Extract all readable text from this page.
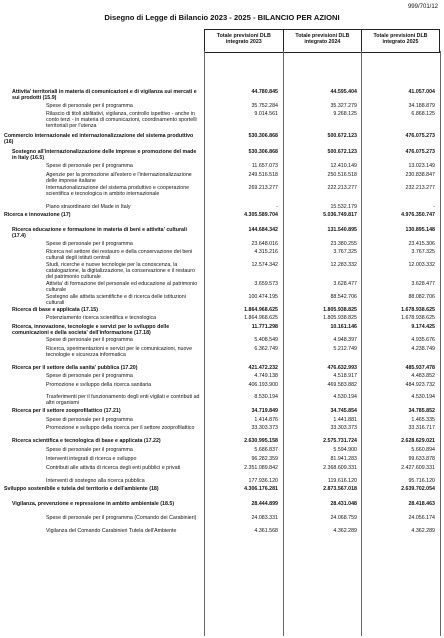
999/701/12
Disegno di Legge di Bilancio 2023 - 2025 - BILANCIO PER AZIONI
Totale previsioni DLB integrato 2023
Totale previsioni DLB integrato 2024
Totale previsioni DLB integrato 2025
Attivita' territoriali in materia di comunicazioni e di vigilanza sui mercati e sui prodotti (15.9)
44.780.845	44.595.404	41.057.004
Spese di personale per il programma	35.752.284	35.327.279	34.188.879
Rilascio di titoli abilitativi, vigilanza, controllo ispettivo - anche in conto terzi - in materia di comunicazioni, coordinamento sportelli territoriali per l'utenza
9.014.561	9.268.125	6.868.125
Commercio internazionale ed internazionalizzazione del sistema produttivo (16)
530.306.868	500.672.123	476.075.273
Sostegno all'internazionalizzazione delle imprese e promozione del made in Italy (16.5)
530.306.868	500.672.123	476.075.273
Spese di personale per il programma	11.657.073	12.410.149	13.023.149
Agenzie per la promozione all'estero e l'internazionalizzazione delle imprese italiane
249.516.518	250.516.518	230.838.847
Internazionalizzazione del sistema produttivo e cooperazione scientifica e tecnologica in ambito internazionale
269.213.277	222.213.277	232.213.277
Piano straordinario del Made in Italy	-	15.532.179	-
Ricerca e innovazione (17)	4.305.589.704	5.036.749.817	4.976.350.747
Ricerca educazione e formazione in materia di beni e attivita' culturali (17.4)
144.684.342	131.540.895	130.895.148
Spese di personale per il programma	23.648.016	23.380.255	23.415.306
Ricerca nel settore dei restauro e della conservazione dei beni culturali degli istituti centrali
4.315.216	3.767.325	3.767.325
Studi, ricerche e nuove tecnologie per la conoscenza, la catalogazione, la digitalizzazione, la conservazione e il restauro del patrimonio culturale
12.574.342	12.283.332	12.003.332
Attivita' di formazione del personale ed educazione al patrimonio culturale
3.659.573	3.628.477	3.628.477
Sostegno alle attivita scientifiche e di ricerca delle istituzioni culturali
100.474.195	88.542.706	88.082.706
Ricerca di base e applicata (17.15)	1.864.968.625	1.805.938.825	1.678.938.625
Potenziamento ricerca scientifica e tecnologica	1.864.968.625	1.805.938.825	1.678.938.625
Ricerca, innovazione, tecnologie e servizi per lo sviluppo delle comunicazioni e della societa' dell'informazione (17.18)
11.771.298	10.161.146	9.174.425
Spese di personale per il programma	5.408.549	4.948.397	4.935.676
Ricerca, sperimentazioni e servizi per le comunicazioni, nuove tecnologie e sicurezza informatica
6.362.749	5.212.749	4.238.749
Ricerca per il settore della sanita' pubblica (17.20)	421.472.232	476.632.993	485.937.478
Spese di personale per il programma	4.749.138	4.518.917	4.483.852
Promozione e sviluppo della ricerca sanitaria	406.193.900	469.583.882	484.923.732
Trasferimenti per il funzionamento degli enti vigilati e contributi ad altri organismi
8.530.194	4.530.194	4.530.194
Ricerca per il settore zooprofilattico (17.21)	34.719.849	34.745.854	34.785.852
Spese di personale per il programma	1.414.876	1.441.881	1.465.335
Promozione e sviluppo della ricerca per il settore zooprofilattico	33.303.373	33.303.373	33.316.717
Ricerca scientifica e tecnologica di base e applicata (17.22)	2.630.995.158	2.575.731.724	2.628.629.021
Spese di personale per il programma	5.686.837	5.594.900	5.660.894
Interventi integrati di ricerca e sviluppo	96.282.359	81.941.283	99.633.878
Contributi alle attivita di ricerca degli enti pubblici e privati	2.351.089.842	2.368.609.331	2.427.609.331
Interventi di sostegno alla ricerca pubblica	177.936.120	119.616.120	95.716.120
Sviluppo sostenibile e tutela del territorio e dell'ambiente (18)	4.306.176.281	2.873.567.018	2.639.702.054
Vigilanza, prevenzione e repressione in ambito ambientale (18.5)	28.444.899	28.431.048	28.418.463
Spese di personale per il programma (Comando dei Carabinieri)	24.083.331	24.068.759	24.056.174
Vigilanza del Comando Carabinieri Tutela dell'Ambiente	4.361.568	4.362.289	4.362.289
